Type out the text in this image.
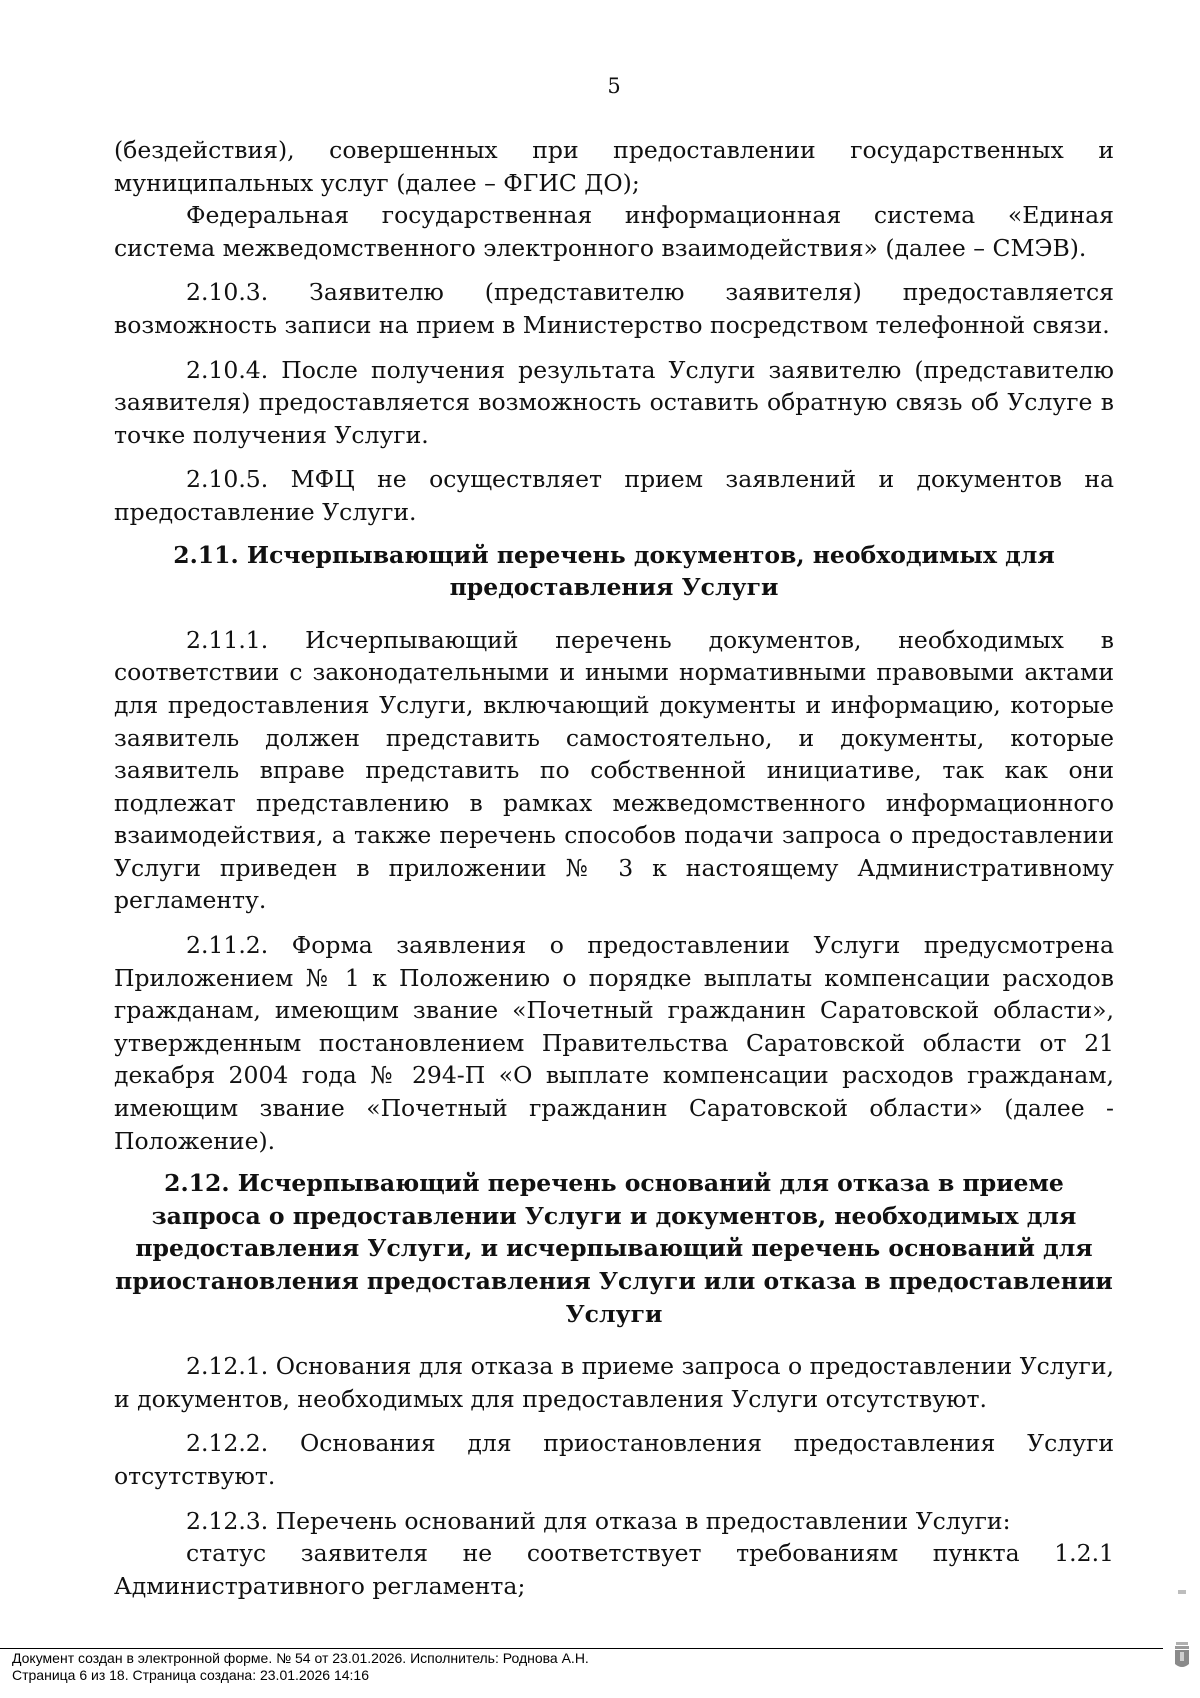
5

(бездействия), совершенных при предоставлении государственных и муниципальных услуг (далее – ФГИС ДО);

Федеральная государственная информационная система «Единая система межведомственного электронного взаимодействия» (далее – СМЭВ).

2.10.3. Заявителю (представителю заявителя) предоставляется возможность записи на прием в Министерство посредством телефонной связи.

2.10.4. После получения результата Услуги заявителю (представителю заявителя) предоставляется возможность оставить обратную связь об Услуге в точке получения Услуги.

2.10.5. МФЦ не осуществляет прием заявлений и документов на предоставление Услуги.

2.11. Исчерпывающий перечень документов, необходимых для предоставления Услуги

2.11.1. Исчерпывающий перечень документов, необходимых в соответствии с законодательными и иными нормативными правовыми актами для предоставления Услуги, включающий документы и информацию, которые заявитель должен представить самостоятельно, и документы, которые заявитель вправе представить по собственной инициативе, так как они подлежат представлению в рамках межведомственного информационного взаимодействия, а также перечень способов подачи запроса о предоставлении Услуги приведен в приложении № 3 к настоящему Административному регламенту.

2.11.2. Форма заявления о предоставлении Услуги предусмотрена Приложением № 1 к Положению о порядке выплаты компенсации расходов гражданам, имеющим звание «Почетный гражданин Саратовской области», утвержденным постановлением Правительства Саратовской области от 21 декабря 2004 года № 294-П «О выплате компенсации расходов гражданам, имеющим звание «Почетный гражданин Саратовской области» (далее - Положение).

2.12. Исчерпывающий перечень оснований для отказа в приеме запроса о предоставлении Услуги и документов, необходимых для предоставления Услуги, и исчерпывающий перечень оснований для приостановления предоставления Услуги или отказа в предоставлении Услуги

2.12.1. Основания для отказа в приеме запроса о предоставлении Услуги, и документов, необходимых для предоставления Услуги отсутствуют.

2.12.2. Основания для приостановления предоставления Услуги отсутствуют.

2.12.3. Перечень оснований для отказа в предоставлении Услуги:

статус заявителя не соответствует требованиям пункта 1.2.1 Административного регламента;

Документ создан в электронной форме. № 54 от 23.01.2026. Исполнитель: Роднова А.Н.
Страница 6 из 18. Страница создана: 23.01.2026 14:16
